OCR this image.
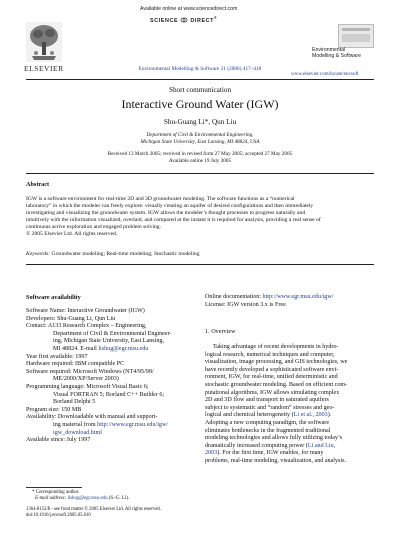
Available online at www.sciencedirect.com
SCIENCE DIRECT®
ELSEVIER	Environmental Modelling & Software 21 (2006) 417–418
Environmental
Modelling & Software
www.elsevier.com/locate/envsoft
Short communication
Interactive Ground Water (IGW)
Shu-Guang Li*, Qun Liu
Department of Civil & Environmental Engineering,
Michigan State University, East Lansing, MI 48824, USA
Received 13 March 2005; received in revised form 27 May 2005; accepted 27 May 2005
Available online 19 July 2005
Abstract
IGW is a software environment for real-time 2D and 3D groundwater modeling. The software functions as a “numerical
laboratory” in which the modeler can freely explore: visually creating an aquifer of desired configurations and then immediately
investigating and visualizing the groundwater system. IGW allows the modeler’s thought processes to progress naturally and
intuitively with the information visualized, overlaid, and compared at the instant it is required for analysis, providing a real sense of
continuous active exploration and engaged problem solving.
© 2005 Elsevier Ltd. All rights reserved.
Keywords: Groundwater modeling; Real-time modeling; Stochastic modeling
Software availability
Software Name: Interactive Groundwater (IGW)
Developers: Shu-Guang Li, Qun Liu
Contact: A133 Research Complex – Engineering,
Department of Civil & Environmental Engineer-
ing, Michigan State University, East Lansing,
MI 48824. E-mail lishug@egr.msu.edu
Year first available: 1997
Hardware required: IBM compatible PC
Software required: Microsoft Windows (NT4/95/98/
ME/2000/XP/Server 2003)
Programming language: Microsoft Visual Basic 6;
Visual FORTRAN 5; Borland C++ Builder 6;
Borland Delphi 5
Program size: 150 MB
Availability: Downloadable with manual and support-
ing material from http://www.egr.msu.edu/igw/
igw_download.html
Available since: July 1997
* Corresponding author.
E-mail address: lishug@egr.msu.edu (S.-G. Li).
1364-8152/$ - see front matter © 2005 Elsevier Ltd. All rights reserved.
doi:10.1016/j.envsoft.2005.05.010
Online documentation: http://www.egr.msu.edu/igw/
License: IGW version 3.x is Free
1. Overview
Taking advantage of recent developments in hydro-
logical research, numerical techniques and computer,
visualization, image processing, and GIS technologies, we
have recently developed a sophisticated software envi-
ronment, IGW, for real-time, unified deterministic and
stochastic groundwater modeling. Based on efficient com-
putational algorithms, IGW allows simulating complex
2D and 3D flow and transport in saturated aquifers
subject to systematic and “random” stresses and geo-
logical and chemical heterogeneity (Li et al., 2003).
Adopting a new computing paradigm, the software
eliminates bottlenecks in the fragmented traditional
modeling technologies and allows fully utilizing today’s
dramatically increased computing power (Li and Liu,
2003). For the first time, IGW enables, for many
problems, real-time modeling, visualization, and analysis.
